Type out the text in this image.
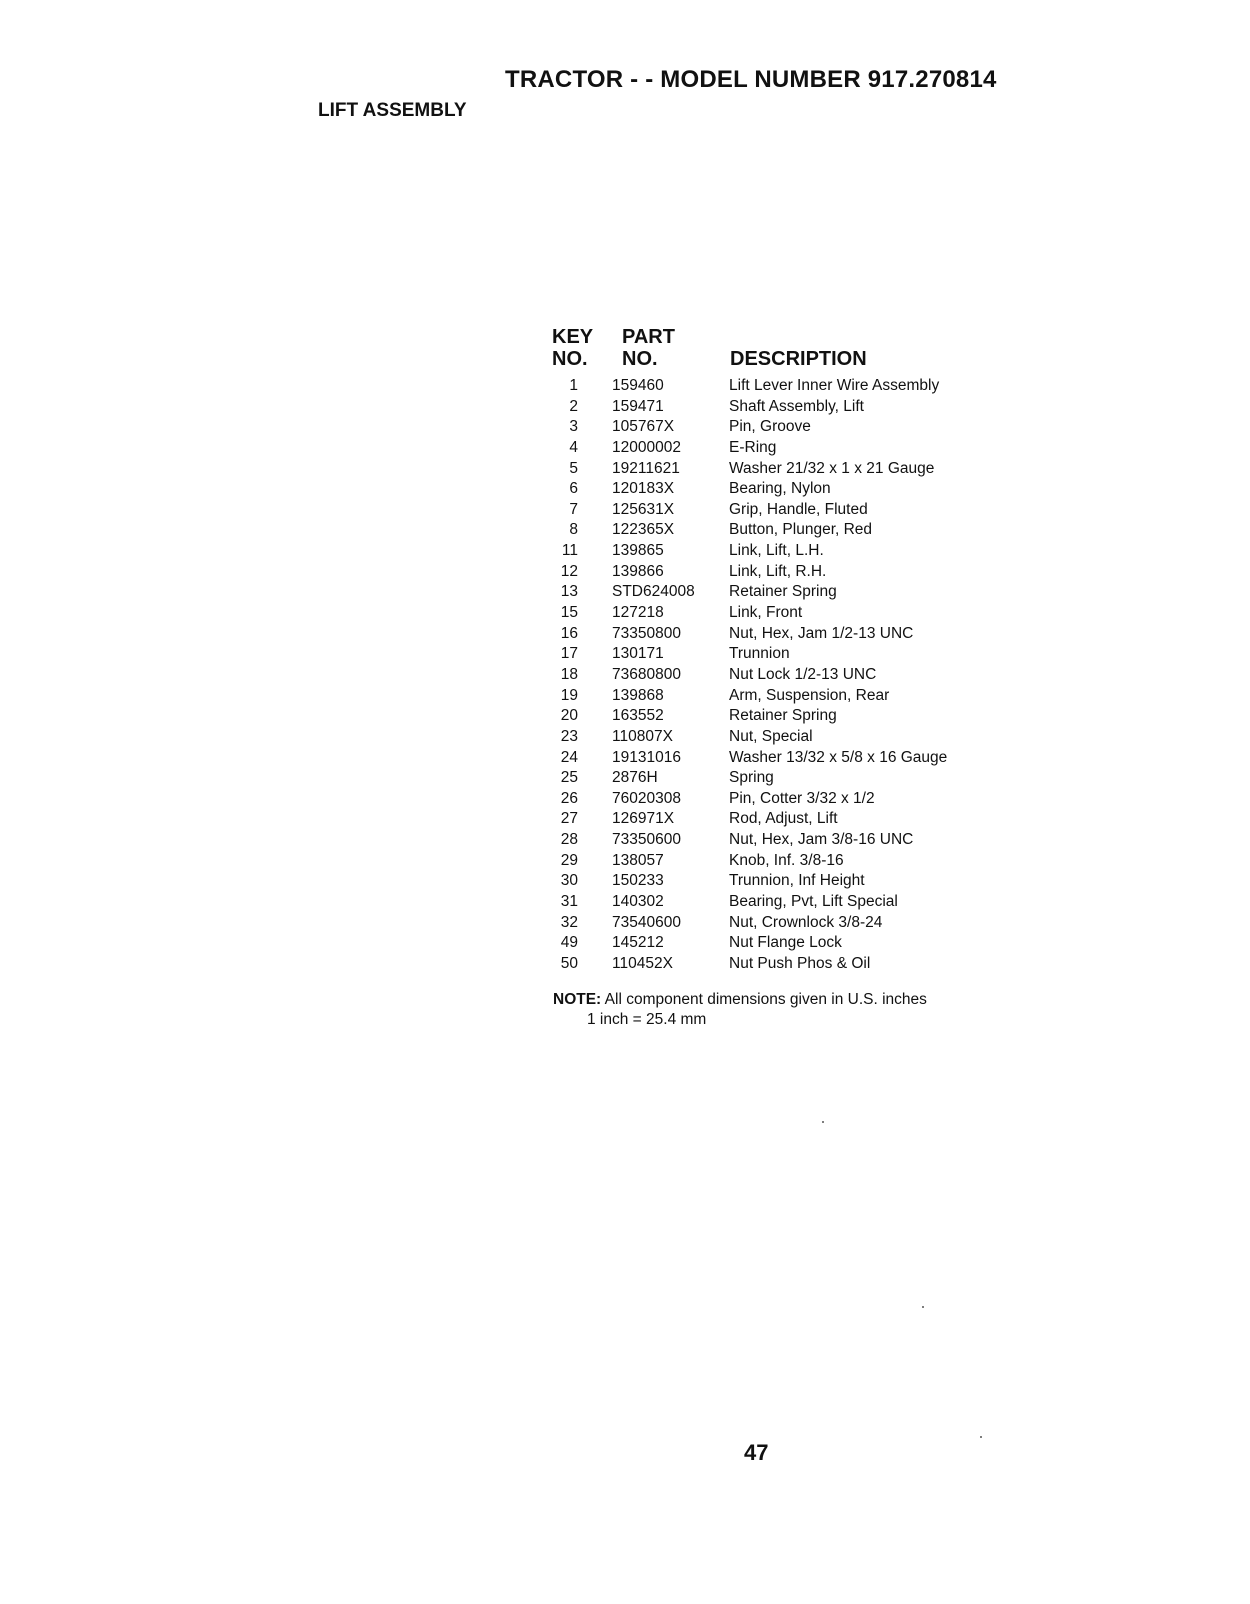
TRACTOR - - MODEL NUMBER 917.270814
LIFT ASSEMBLY
KEY
NO.
PART
NO.	DESCRIPTION
1 159460	Lift Lever Inner Wire Assembly
2 159471	Shaft Assembly, Lift
3 105767X	Pin, Groove
4 12000002	E-Ring
5 19211621	Washer 21/32 x 1 x 21 Gauge
6 120183X	Bearing, Nylon
7 125631X	Grip, Handle, Fluted
8 122365X	Button, Plunger, Red
11 139865	Link, Lift, L.H.
12 139866	Link, Lift, R.H.
13 STD624008 Retainer Spring
15 127218	Link, Front
16 73350800	Nut, Hex, Jam 1/2-13 UNC
17 130171	Trunnion
18 73680800	Nut Lock 1/2-13 UNC
19 139868	Arm, Suspension, Rear
20 163552	Retainer Spring
23 110807X	Nut, Special
24 19131016	Washer 13/32 x 5/8 x 16 Gauge
25 2876H	Spring
26 76020308	Pin, Cotter 3/32 x 1/2
27 126971X	Rod, Adjust, Lift
28 73350600	Nut, Hex, Jam 3/8-16 UNC
29 138057	Knob, Inf. 3/8-16
30 150233	Trunnion, Inf Height
31 140302	Bearing, Pvt, Lift Special
32 73540600	Nut, Crownlock 3/8-24
49 145212	Nut Flange Lock
50 110452X	Nut Push Phos & Oil
NOTE: All component dimensions given in U.S. inches
1 inch = 25.4 mm
47
